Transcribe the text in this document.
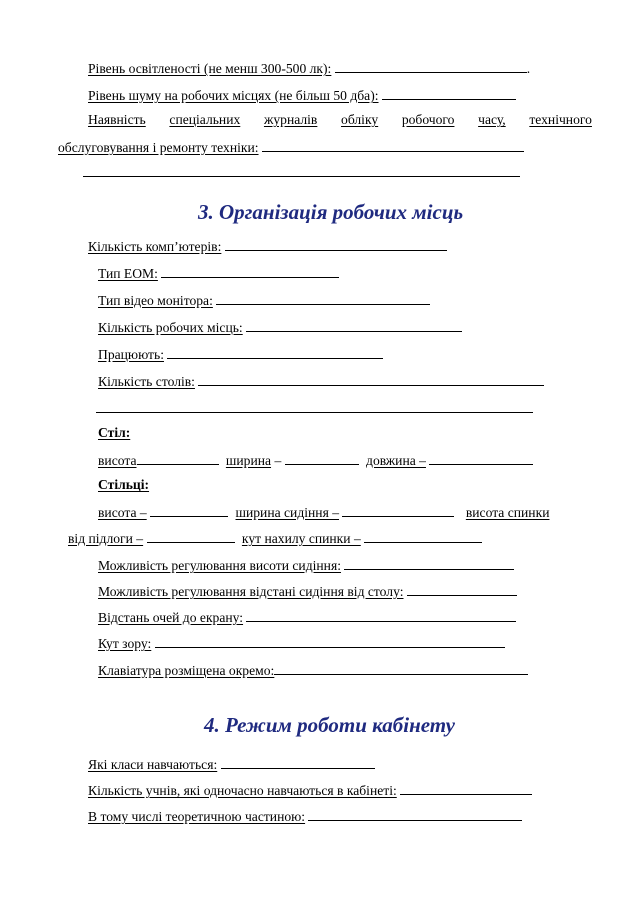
Рівень освітленості (не менш 300-500 лк):	.

Рівень шуму на робочих місцях (не більш 50 дба):

Наявність спеціальних журналів обліку робочого часу, технічного

обслуговування і ремонту техніки:

3. Організація робочих місць

Кількість комп’ютерів:

Тип ЕОМ:

Тип відео монітора:

Кількість робочих місць:

Працюють:

Кількість столів:

Стіл:

висота	ширина –	довжина –

Стільці:

висота –	ширина сидіння –	висота спинки

від підлоги –	кут нахилу спинки –

Можливість регулювання висоти сидіння:

Можливість регулювання відстані сидіння від столу:

Відстань очей до екрану:

Кут зору:

Клавіатура розміщена окремо:

4. Режим роботи кабінету

Які класи навчаються:

Кількість учнів, які одночасно навчаються в кабінеті:

В тому числі теоретичною частиною:
